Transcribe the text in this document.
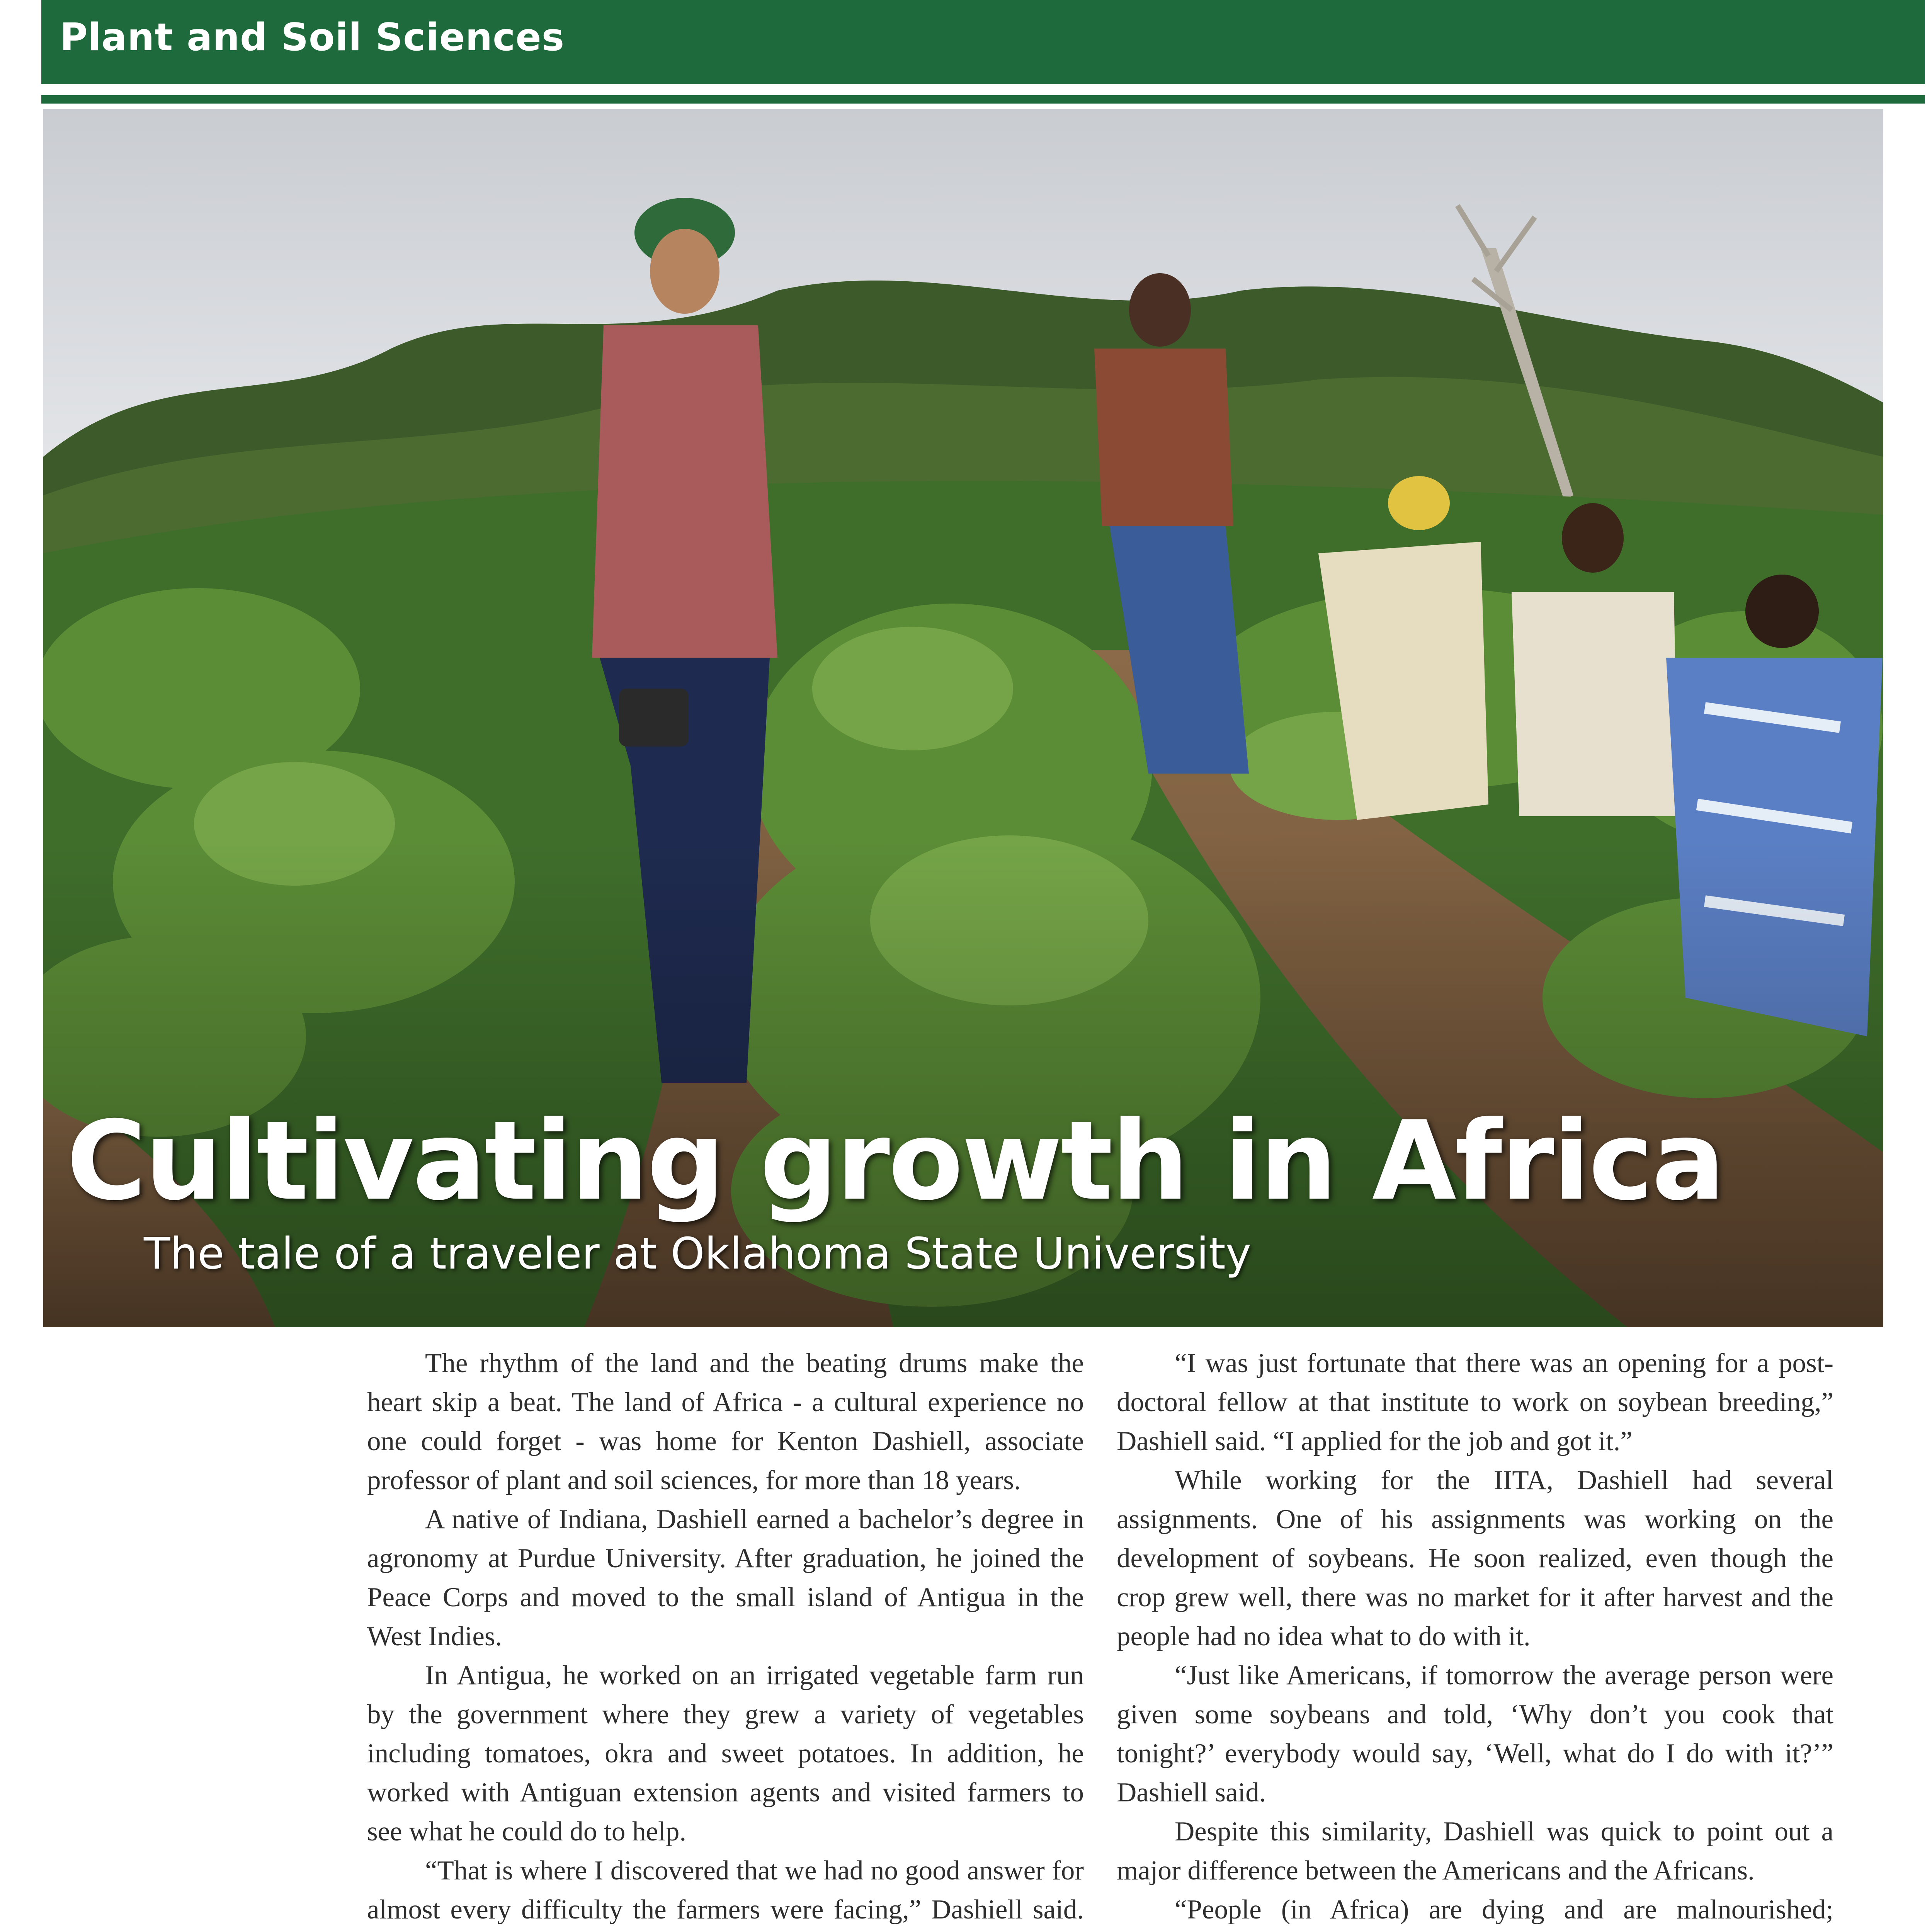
Plant and Soil Sciences
Cultivating growth in Africa
The tale of a traveler at Oklahoma State University

The rhythm of the land and the beating drums make the heart skip a beat. The land of Africa - a cultural experience no one could forget - was home for Kenton Dashiell, associate professor of plant and soil sciences, for more than 18 years.

A native of Indiana, Dashiell earned a bachelor’s degree in agronomy at Purdue University. After graduation, he joined the Peace Corps and moved to the small island of Antigua in the West Indies.

In Antigua, he worked on an irrigated vegetable farm run by the government where they grew a variety of vegetables including tomatoes, okra and sweet potatoes. In addition, he worked with Antiguan extension agents and visited farmers to see what he could do to help.

“That is where I discovered that we had no good answer for almost every difficulty the farmers were facing,” Dashiell said.

“I was just fortunate that there was an opening for a post-doctoral fellow at that institute to work on soybean breeding,” Dashiell said. “I applied for the job and got it.”

While working for the IITA, Dashiell had several assignments. One of his assignments was working on the development of soybeans. He soon realized, even though the crop grew well, there was no market for it after harvest and the people had no idea what to do with it.

“Just like Americans, if tomorrow the average person were given some soybeans and told, ‘Why don’t you cook that tonight?’ everybody would say, ‘Well, what do I do with it?’” Dashiell said.

Despite this similarity, Dashiell was quick to point out a major difference between the Americans and the Africans.

“People (in Africa) are dying and are malnourished;
